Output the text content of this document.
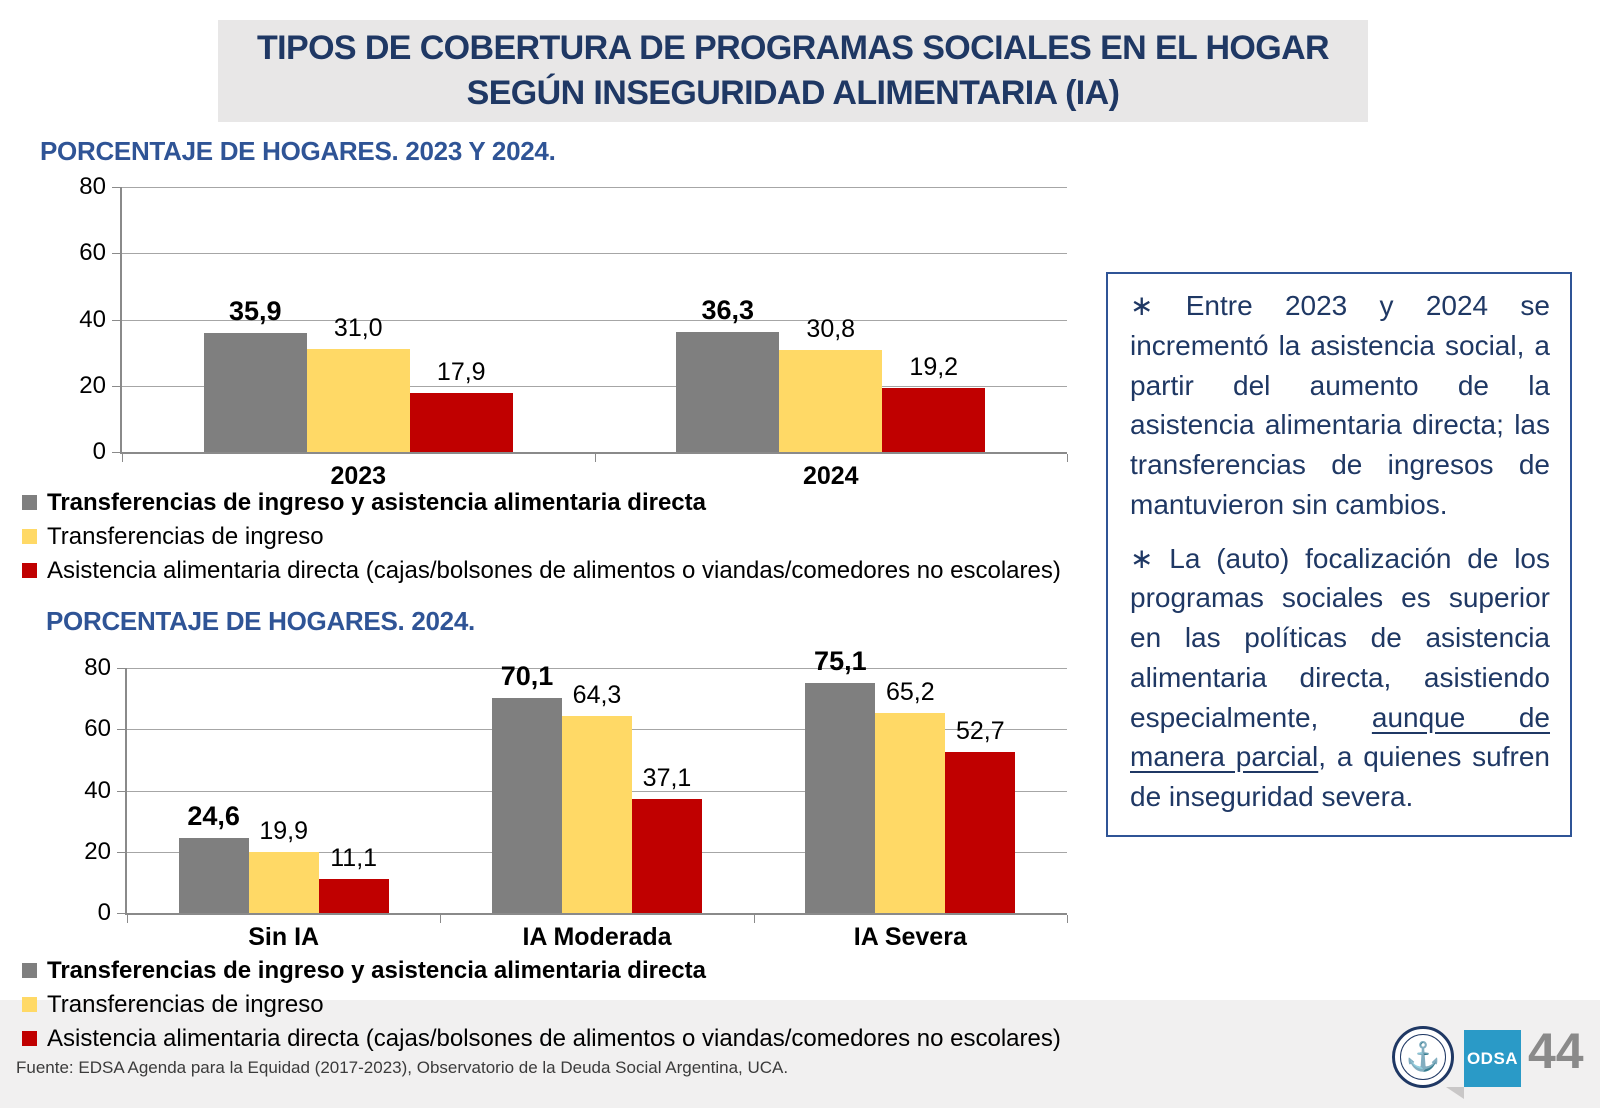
TIPOS DE COBERTURA DE PROGRAMAS SOCIALES EN EL HOGAR SEGÚN INSEGURIDAD ALIMENTARIA (IA)
PORCENTAJE DE HOGARES. 2023 Y 2024.
0
20
40
60
80
35,9
31,0
17,9
2023
36,3
30,8
19,2
2024
Transferencias de ingreso y asistencia alimentaria directa
Transferencias de ingreso
Asistencia alimentaria directa (cajas/bolsones de alimentos o viandas/comedores no escolares)
PORCENTAJE DE HOGARES. 2024.
0
20
40
60
80
24,6
19,9
11,1
Sin IA
70,1
64,3
37,1
IA Moderada
75,1
65,2
52,7
IA Severa
Transferencias de ingreso y asistencia alimentaria directa
Transferencias de ingreso
Asistencia alimentaria directa (cajas/bolsones de alimentos o viandas/comedores no escolares)

∗ Entre 2023 y 2024 se incrementó la asistencia social, a partir del aumento de la asistencia alimentaria directa; las transferencias de ingresos de mantuvieron sin cambios.

∗ La (auto) focalización de los programas sociales es superior en las políticas de asistencia alimentaria directa, asistiendo especialmente, aunque de manera parcial, a quienes sufren de inseguridad severa.

Fuente: EDSA Agenda para la Equidad (2017-2023), Observatorio de la Deuda Social Argentina, UCA.	⚓	ODSA 44
